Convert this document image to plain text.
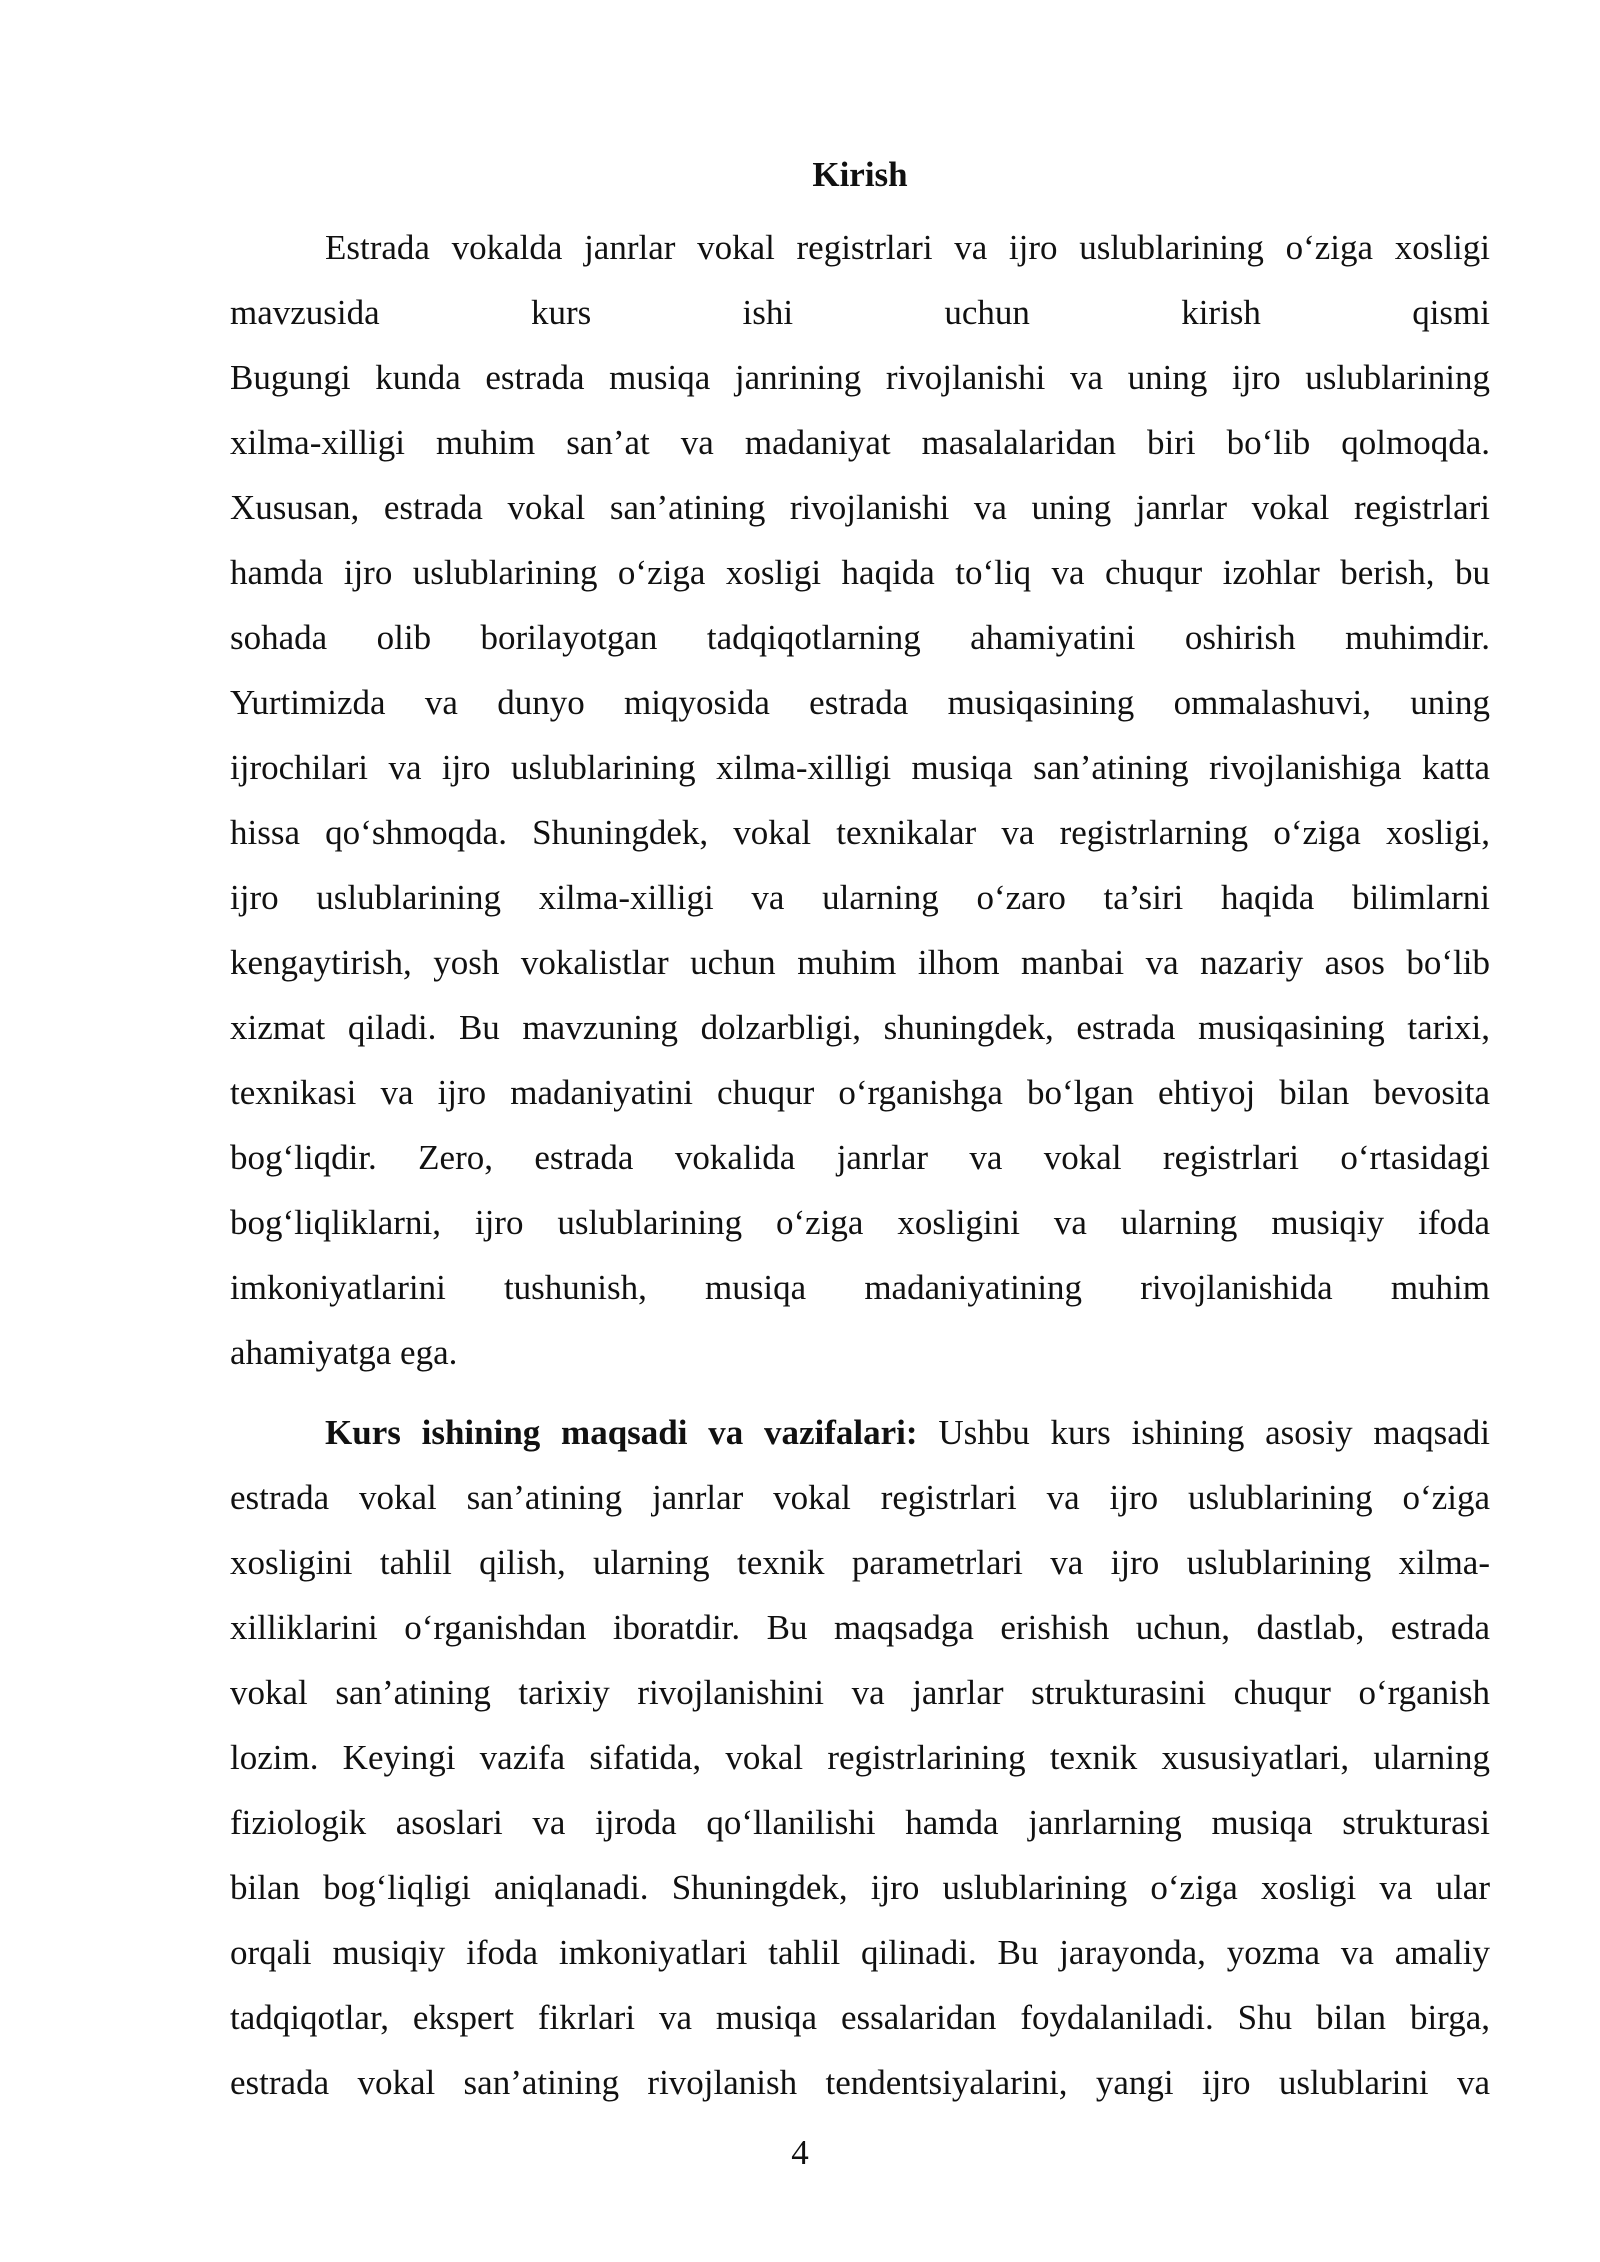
Kirish
Estrada vokalda janrlar vokal registrlari va ijro uslublarining o‘ziga xosligi
mavzusida kurs ishi uchun kirish qismi
Bugungi kunda estrada musiqa janrining rivojlanishi va uning ijro uslublarining
xilma-xilligi muhim san’at va madaniyat masalalaridan biri bo‘lib qolmoqda.
Xususan, estrada vokal san’atining rivojlanishi va uning janrlar vokal registrlari
hamda ijro uslublarining o‘ziga xosligi haqida to‘liq va chuqur izohlar berish, bu
sohada olib borilayotgan tadqiqotlarning ahamiyatini oshirish muhimdir.
Yurtimizda va dunyo miqyosida estrada musiqasining ommalashuvi, uning
ijrochilari va ijro uslublarining xilma-xilligi musiqa san’atining rivojlanishiga katta
hissa qo‘shmoqda. Shuningdek, vokal texnikalar va registrlarning o‘ziga xosligi,
ijro uslublarining xilma-xilligi va ularning o‘zaro ta’siri haqida bilimlarni
kengaytirish, yosh vokalistlar uchun muhim ilhom manbai va nazariy asos bo‘lib
xizmat qiladi. Bu mavzuning dolzarbligi, shuningdek, estrada musiqasining tarixi,
texnikasi va ijro madaniyatini chuqur o‘rganishga bo‘lgan ehtiyoj bilan bevosita
bog‘liqdir. Zero, estrada vokalida janrlar va vokal registrlari o‘rtasidagi
bog‘liqliklarni, ijro uslublarining o‘ziga xosligini va ularning musiqiy ifoda
imkoniyatlarini tushunish, musiqa madaniyatining rivojlanishida muhim
ahamiyatga ega.
Kurs ishining maqsadi va vazifalari: Ushbu kurs ishining asosiy maqsadi
estrada vokal san’atining janrlar vokal registrlari va ijro uslublarining o‘ziga
xosligini tahlil qilish, ularning texnik parametrlari va ijro uslublarining xilma-
xilliklarini o‘rganishdan iboratdir. Bu maqsadga erishish uchun, dastlab, estrada
vokal san’atining tarixiy rivojlanishini va janrlar strukturasini chuqur o‘rganish
lozim. Keyingi vazifa sifatida, vokal registrlarining texnik xususiyatlari, ularning
fiziologik asoslari va ijroda qo‘llanilishi hamda janrlarning musiqa strukturasi
bilan bog‘liqligi aniqlanadi. Shuningdek, ijro uslublarining o‘ziga xosligi va ular
orqali musiqiy ifoda imkoniyatlari tahlil qilinadi. Bu jarayonda, yozma va amaliy
tadqiqotlar, ekspert fikrlari va musiqa essalaridan foydalaniladi. Shu bilan birga,
estrada vokal san’atining rivojlanish tendentsiyalarini, yangi ijro uslublarini va
4
